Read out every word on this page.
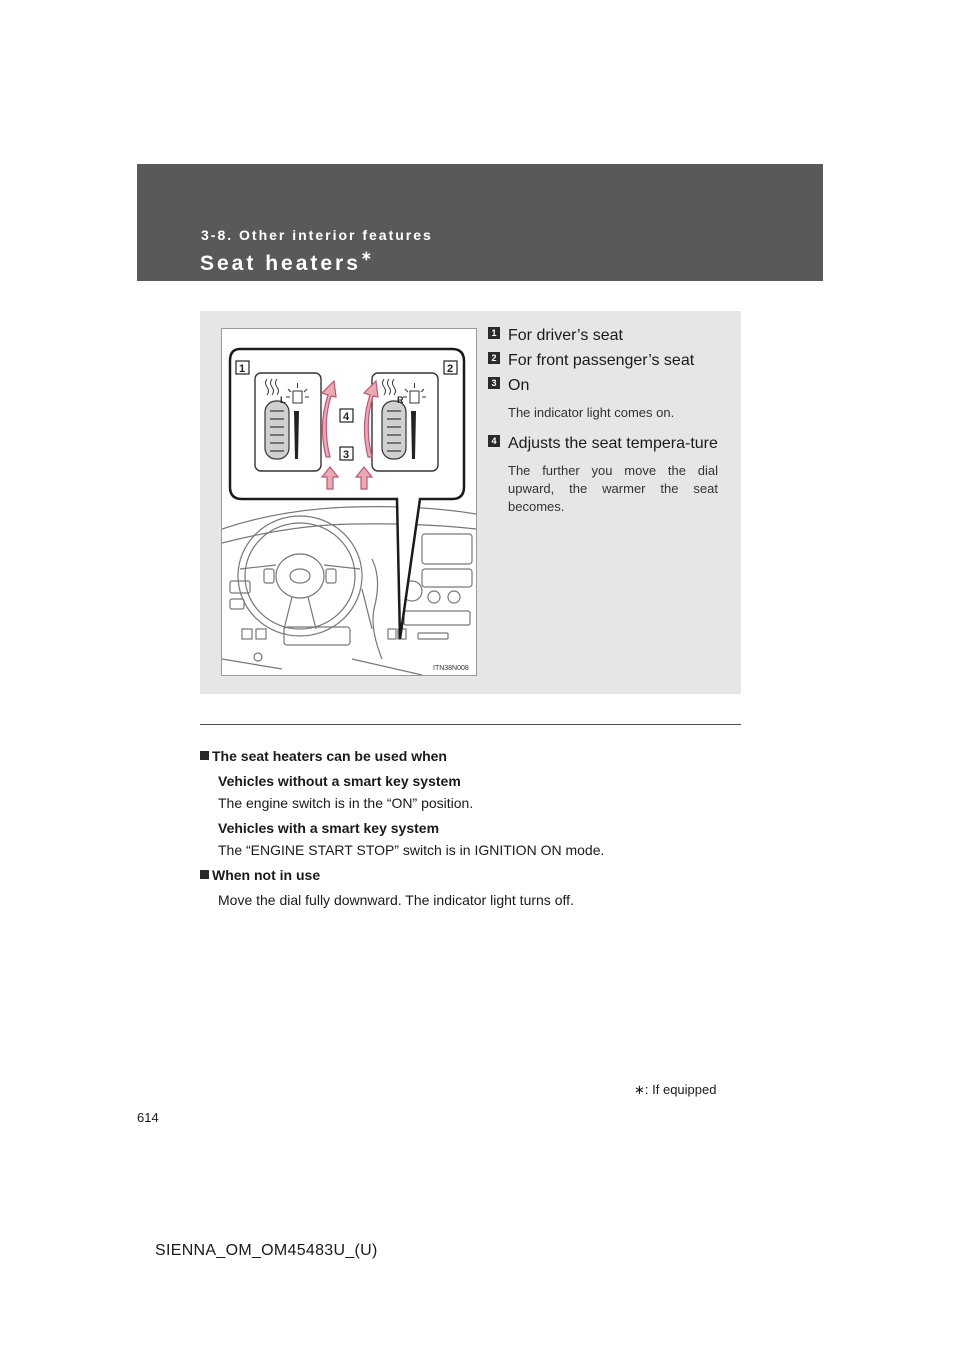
3-8. Other interior features
Seat heaters∗
L	R
1	2
4
3
ITN38N008
1 For driver’s seat
2 For front passenger’s seat
3 On
The indicator light comes on.
4 Adjusts the seat tempera-ture
The further you move the dial upward, the warmer the seat becomes.
The seat heaters can be used when
Vehicles without a smart key system
The engine switch is in the “ON” position.
Vehicles with a smart key system
The “ENGINE START STOP” switch is in IGNITION ON mode.
When not in use
Move the dial fully downward. The indicator light turns off.
∗: If equipped
614
SIENNA_OM_OM45483U_(U)
